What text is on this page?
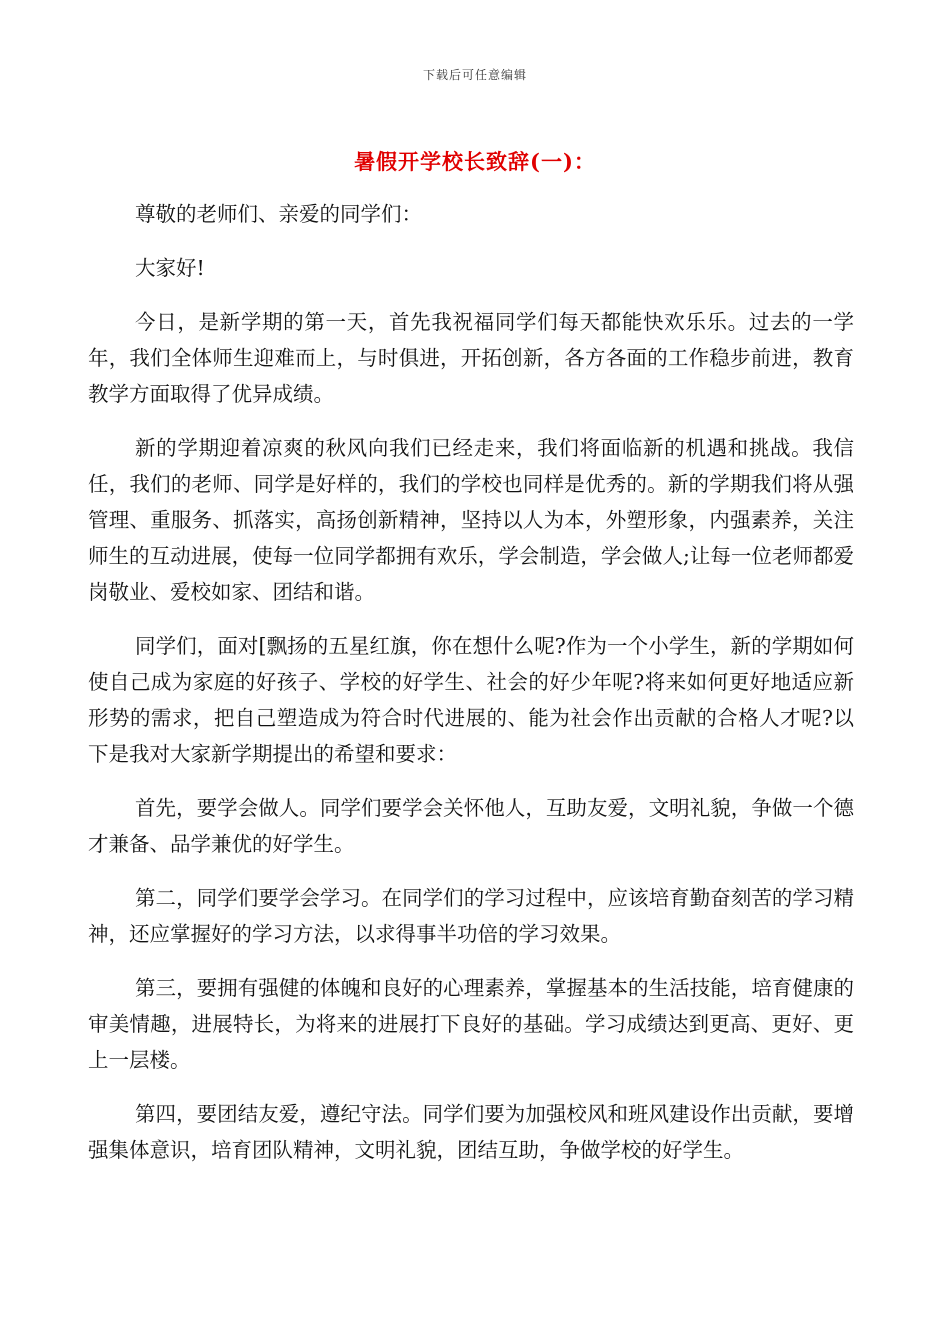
下载后可任意编辑
暑假开学校长致辞(一)：

尊敬的老师们、亲爱的同学们：

大家好!

今日，是新学期的第一天，首先我祝福同学们每天都能快欢乐乐。过去的一学年，我们全体师生迎难而上，与时俱进，开拓创新，各方各面的工作稳步前进，教育教学方面取得了优异成绩。

新的学期迎着凉爽的秋风向我们已经走来，我们将面临新的机遇和挑战。我信任，我们的老师、同学是好样的，我们的学校也同样是优秀的。新的学期我们将从强管理、重服务、抓落实，高扬创新精神，坚持以人为本，外塑形象，内强素养，关注师生的互动进展，使每一位同学都拥有欢乐，学会制造，学会做人;让每一位老师都爱岗敬业、爱校如家、团结和谐。

同学们，面对[飘扬的五星红旗，你在想什么呢?作为一个小学生，新的学期如何使自己成为家庭的好孩子、学校的好学生、社会的好少年呢?将来如何更好地适应新形势的需求，把自己塑造成为符合时代进展的、能为社会作出贡献的合格人才呢?以下是我对大家新学期提出的希望和要求：

首先，要学会做人。同学们要学会关怀他人，互助友爱，文明礼貌，争做一个德才兼备、品学兼优的好学生。

第二，同学们要学会学习。在同学们的学习过程中，应该培育勤奋刻苦的学习精神，还应掌握好的学习方法，以求得事半功倍的学习效果。

第三，要拥有强健的体魄和良好的心理素养，掌握基本的生活技能，培育健康的审美情趣，进展特长，为将来的进展打下良好的基础。学习成绩达到更高、更好、更上一层楼。

第四，要团结友爱，遵纪守法。同学们要为加强校风和班风建设作出贡献，要增强集体意识，培育团队精神，文明礼貌，团结互助，争做学校的好学生。
